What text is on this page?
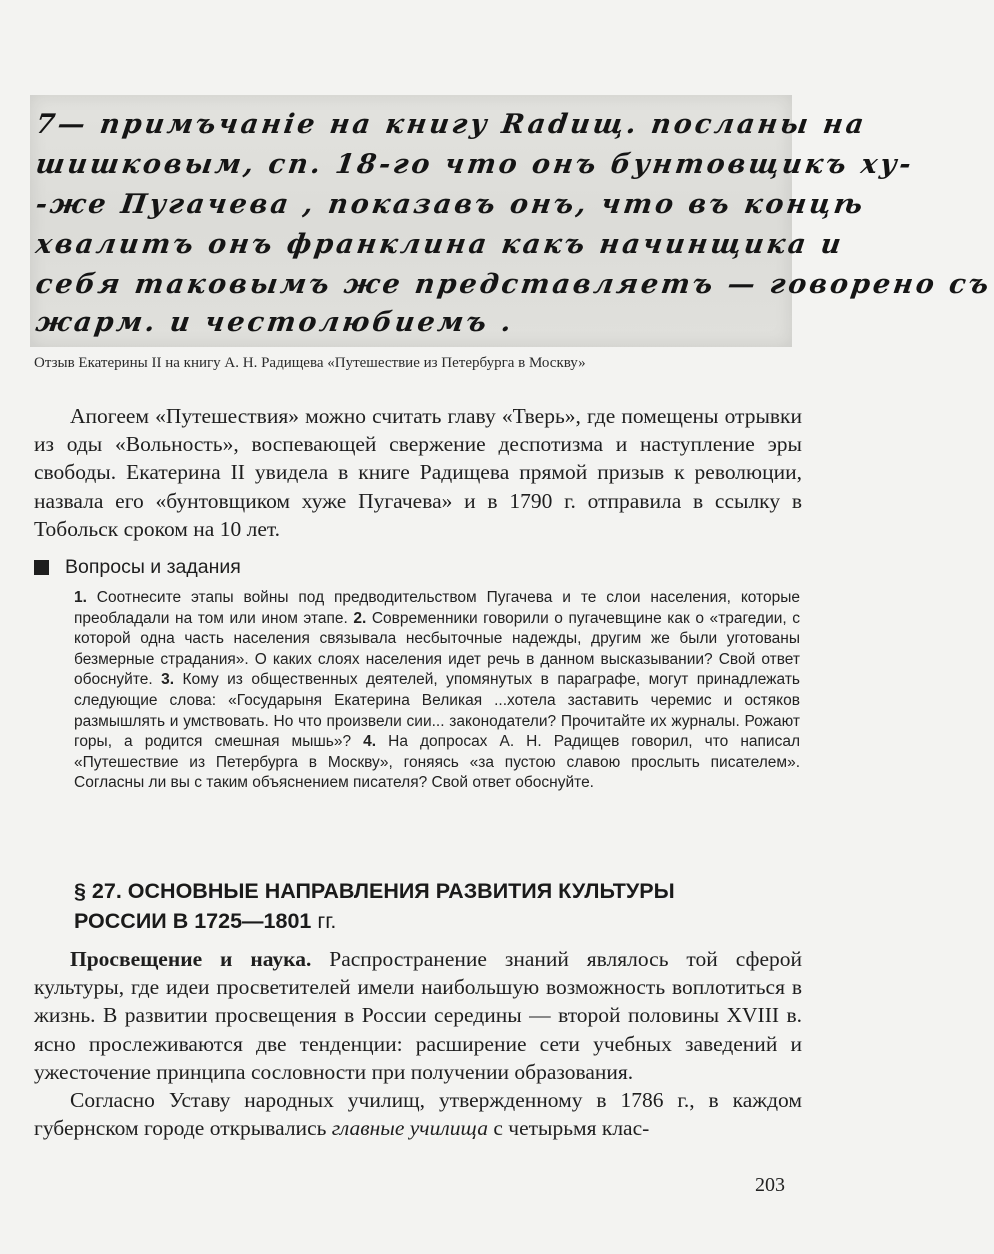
7— примъчаніе на книгу Radищ. посланы на
шишковым, сп. 18-го что онъ бунтовщикъ ху-
-же Пугачева , показавъ онъ, что въ концѣ
хвалитъ онъ франклина какъ начинщика и
себя таковымъ же представляетъ — говорено съ
жарм. и честолюбиемъ .
Отзыв Екатерины II на книгу А. Н. Радищева «Путешествие из Петербурга в Москву»

Апогеем «Путешествия» можно считать главу «Тверь», где помещены отрывки из оды «Вольность», воспевающей свержение деспотизма и наступление эры свободы. Екатерина II увидела в книге Радищева прямой призыв к революции, назвала его «бунтовщиком хуже Пугачева» и в 1790 г. отправила в ссылку в Тобольск сроком на 10 лет.

Вопросы и задания

1. Соотнесите этапы войны под предводительством Пугачева и те слои населения, которые преобладали на том или ином этапе. 2. Современники говорили о пугачевщине как о «трагедии, с которой одна часть населения связывала несбыточные надежды, другим же были уготованы безмерные страдания». О каких слоях населения идет речь в данном высказывании? Свой ответ обоснуйте. 3. Кому из общественных деятелей, упомянутых в параграфе, могут принадлежать следующие слова: «Государыня Екатерина Великая ...хотела заставить черемис и остяков размышлять и умствовать. Но что произвели сии... законодатели? Прочитайте их журналы. Рожают горы, а родится смешная мышь»? 4. На допросах А. Н. Радищев говорил, что написал «Путешествие из Петербурга в Москву», гоняясь «за пустою славою прослыть писателем». Согласны ли вы с таким объяснением писателя? Свой ответ обоснуйте.

§ 27. ОСНОВНЫЕ НАПРАВЛЕНИЯ РАЗВИТИЯ КУЛЬТУРЫ
РОССИИ В 1725—1801 гг.

Просвещение и наука. Распространение знаний являлось той сферой культуры, где идеи просветителей имели наибольшую возможность воплотиться в жизнь. В развитии просвещения в России середины — второй половины XVIII в. ясно прослеживаются две тенденции: расширение сети учебных заведений и ужесточение принципа сословности при получении образования.

Согласно Уставу народных училищ, утвержденному в 1786 г., в каждом губернском городе открывались главные училища с четырьмя клас-

203
